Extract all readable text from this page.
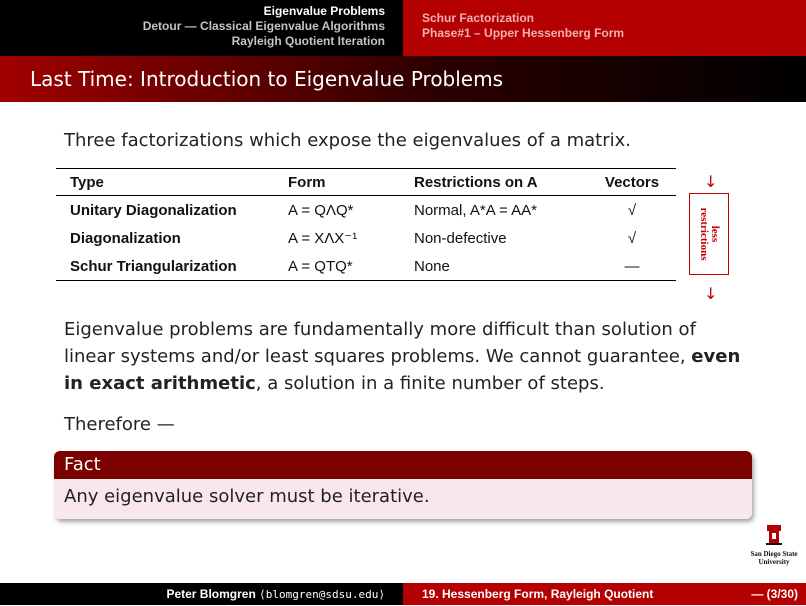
Eigenvalue Problems
Detour — Classical Eigenvalue Algorithms
Rayleigh Quotient Iteration
Schur Factorization
Phase#1 – Upper Hessenberg Form
Last Time: Introduction to Eigenvalue Problems
Three factorizations which expose the eigenvalues of a matrix.
Type	Form	Restrictions on A	Vectors
Unitary Diagonalization	A = QΛQ*	Normal, A*A = AA*	√
Diagonalization	A = XΛX⁻¹	Non-defective	√
Schur Triangularization	A = QTQ*	None	—
↓
less
restrictions
↓
Eigenvalue problems are fundamentally more difficult than solution of linear systems and/or least squares problems. We cannot guarantee, even in exact arithmetic, a solution in a finite number of steps.
Therefore —
Fact
Any eigenvalue solver must be iterative.
San Diego State
University
Peter Blomgren ⟨blomgren@sdsu.edu⟩	19. Hessenberg Form, Rayleigh Quotient	— (3/30)
